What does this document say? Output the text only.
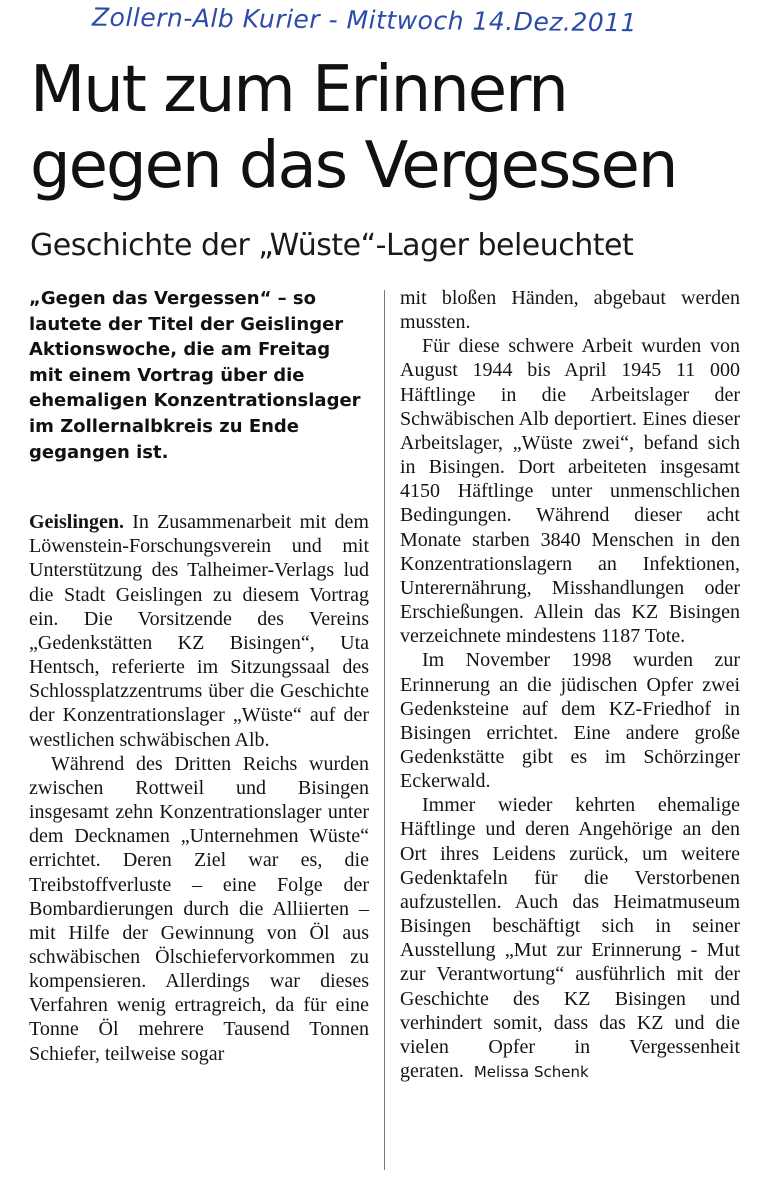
Zollern-Alb Kurier - Mittwoch 14.Dez.2011
Mut zum Erinnern
gegen das Vergessen
Geschichte der „Wüste“-Lager beleuchtet

„Gegen das Vergessen“ – so lautete der Titel der Geislinger Aktionswoche, die am Freitag mit einem Vortrag über die ehemaligen Konzentrationslager im Zollernalbkreis zu Ende gegangen ist.

Geislingen. In Zusammenarbeit mit dem Löwenstein-Forschungsverein und mit Unterstützung des Talheimer-Verlags lud die Stadt Geislingen zu diesem Vortrag ein. Die Vorsitzende des Vereins „Gedenkstätten KZ Bisingen“, Uta Hentsch, referierte im Sitzungssaal des Schlossplatzzentrums über die Geschichte der Konzentrationslager „Wüste“ auf der westlichen schwäbischen Alb.

Während des Dritten Reichs wurden zwischen Rottweil und Bisingen insgesamt zehn Konzentrationslager unter dem Decknamen „Unternehmen Wüste“ errichtet. Deren Ziel war es, die Treibstoffverluste – eine Folge der Bombardierungen durch die Alliierten – mit Hilfe der Gewinnung von Öl aus schwäbischen Ölschiefervorkommen zu kompensieren. Allerdings war dieses Verfahren wenig ertragreich, da für eine Tonne Öl mehrere Tausend Tonnen Schiefer, teilweise sogar

mit bloßen Händen, abgebaut werden mussten.

Für diese schwere Arbeit wurden von August 1944 bis April 1945 11 000 Häftlinge in die Arbeitslager der Schwäbischen Alb deportiert. Eines dieser Arbeitslager, „Wüste zwei“, befand sich in Bisingen. Dort arbeiteten insgesamt 4150 Häftlinge unter unmenschlichen Bedingungen. Während dieser acht Monate starben 3840 Menschen in den Konzentrationslagern an Infektionen, Unterernährung, Misshandlungen oder Erschießungen. Allein das KZ Bisingen verzeichnete mindestens 1187 Tote.

Im November 1998 wurden zur Erinnerung an die jüdischen Opfer zwei Gedenksteine auf dem KZ-Friedhof in Bisingen errichtet. Eine andere große Gedenkstätte gibt es im Schörzinger Eckerwald.

Immer wieder kehrten ehemalige Häftlinge und deren Angehörige an den Ort ihres Leidens zurück, um weitere Gedenktafeln für die Verstorbenen aufzustellen. Auch das Heimatmuseum Bisingen beschäftigt sich in seiner Ausstellung „Mut zur Erinnerung - Mut zur Verantwortung“ ausführlich mit der Geschichte des KZ Bisingen und verhindert somit, dass das KZ und die vielen Opfer in Vergessenheit geraten. Melissa Schenk
